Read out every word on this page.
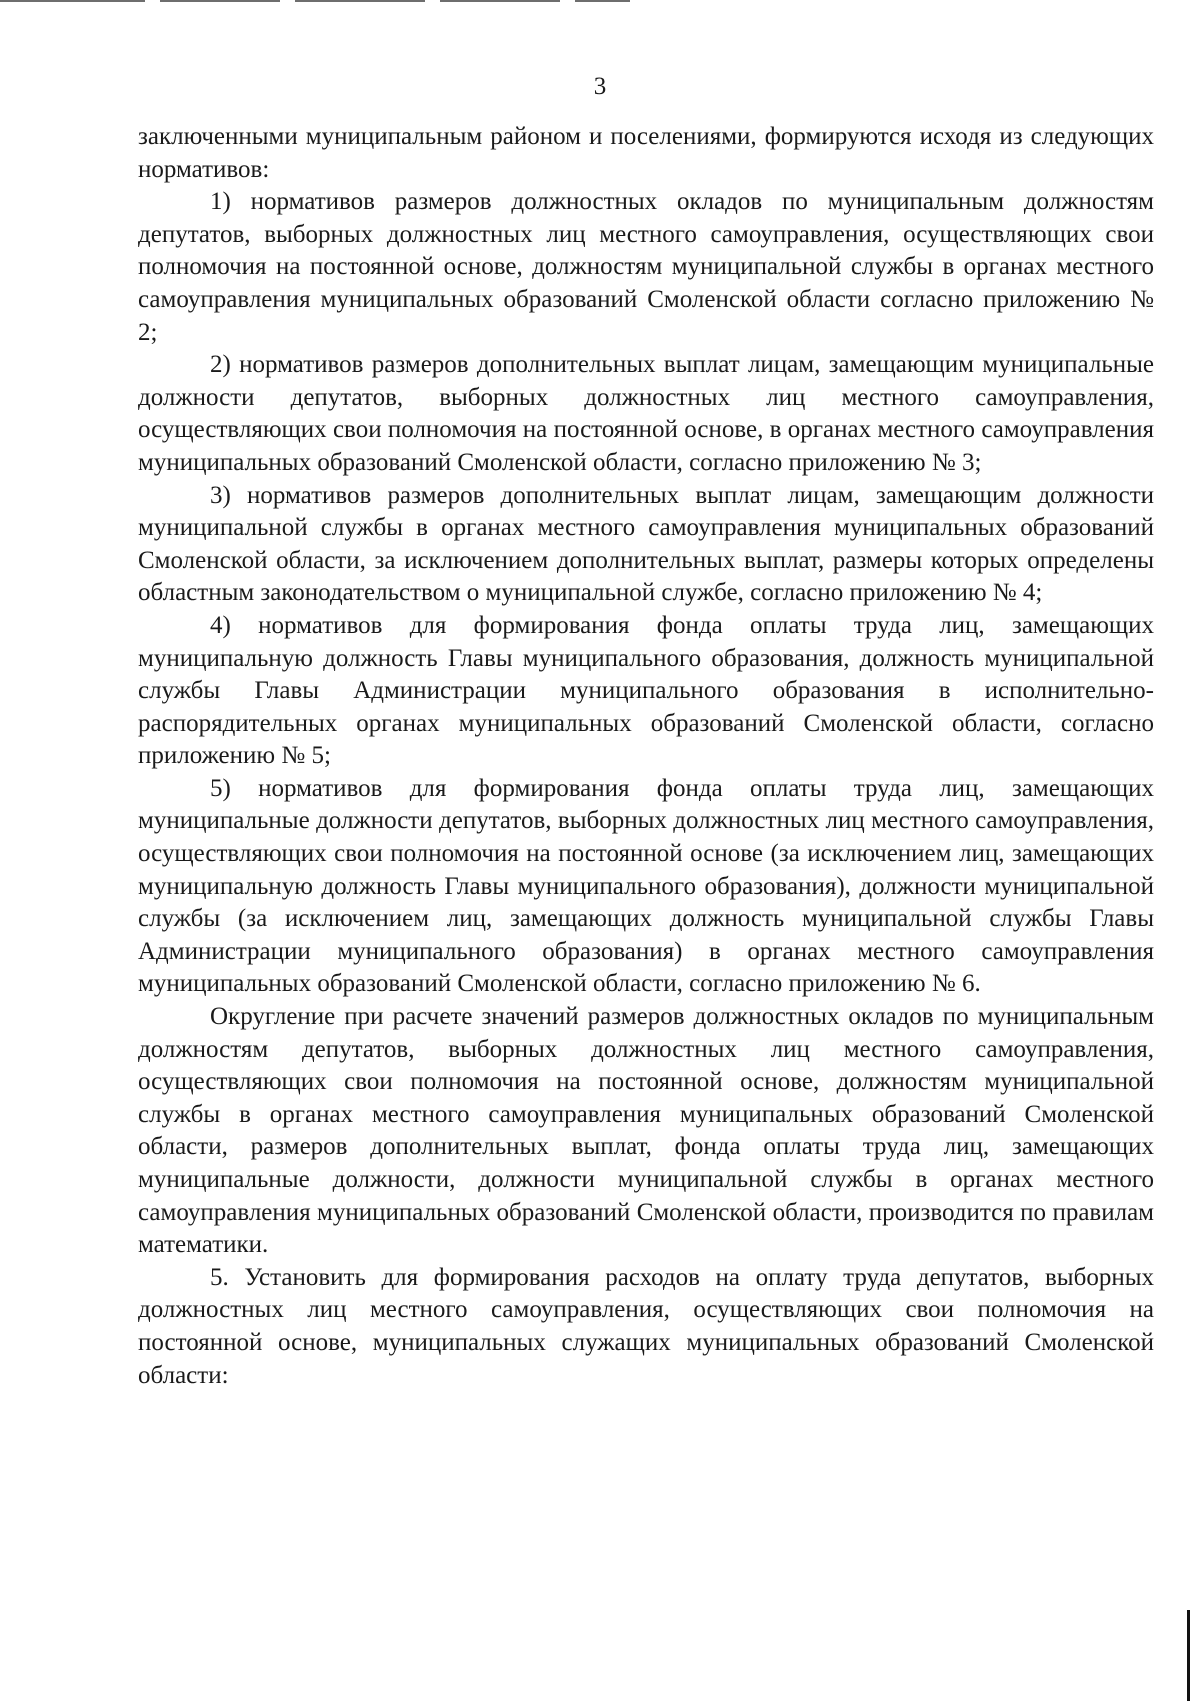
3

заключенными муниципальным районом и поселениями, формируются исходя из следующих нормативов:

1) нормативов размеров должностных окладов по муниципальным должностям депутатов, выборных должностных лиц местного самоуправления, осуществляющих свои полномочия на постоянной основе, должностям муниципальной службы в органах местного самоуправления муниципальных образований Смоленской области согласно приложению № 2;

2) нормативов размеров дополнительных выплат лицам, замещающим муниципальные должности депутатов, выборных должностных лиц местного самоуправления, осуществляющих свои полномочия на постоянной основе, в органах местного самоуправления муниципальных образований Смоленской области, согласно приложению № 3;

3) нормативов размеров дополнительных выплат лицам, замещающим должности муниципальной службы в органах местного самоуправления муниципальных образований Смоленской области, за исключением дополнительных выплат, размеры которых определены областным законодательством о муниципальной службе, согласно приложению № 4;

4) нормативов для формирования фонда оплаты труда лиц, замещающих муниципальную должность Главы муниципального образования, должность муниципальной службы Главы Администрации муниципального образования в исполнительно-распорядительных органах муниципальных образований Смоленской области, согласно приложению № 5;

5) нормативов для формирования фонда оплаты труда лиц, замещающих муниципальные должности депутатов, выборных должностных лиц местного самоуправления, осуществляющих свои полномочия на постоянной основе (за исключением лиц, замещающих муниципальную должность Главы муниципального образования), должности муниципальной службы (за исключением лиц, замещающих должность муниципальной службы Главы Администрации муниципального образования) в органах местного самоуправления муниципальных образований Смоленской области, согласно приложению № 6.

Округление при расчете значений размеров должностных окладов по муниципальным должностям депутатов, выборных должностных лиц местного самоуправления, осуществляющих свои полномочия на постоянной основе, должностям муниципальной службы в органах местного самоуправления муниципальных образований Смоленской области, размеров дополнительных выплат, фонда оплаты труда лиц, замещающих муниципальные должности, должности муниципальной службы в органах местного самоуправления муниципальных образований Смоленской области, производится по правилам математики.

5. Установить для формирования расходов на оплату труда депутатов, выборных должностных лиц местного самоуправления, осуществляющих свои полномочия на постоянной основе, муниципальных служащих муниципальных образований Смоленской области:
